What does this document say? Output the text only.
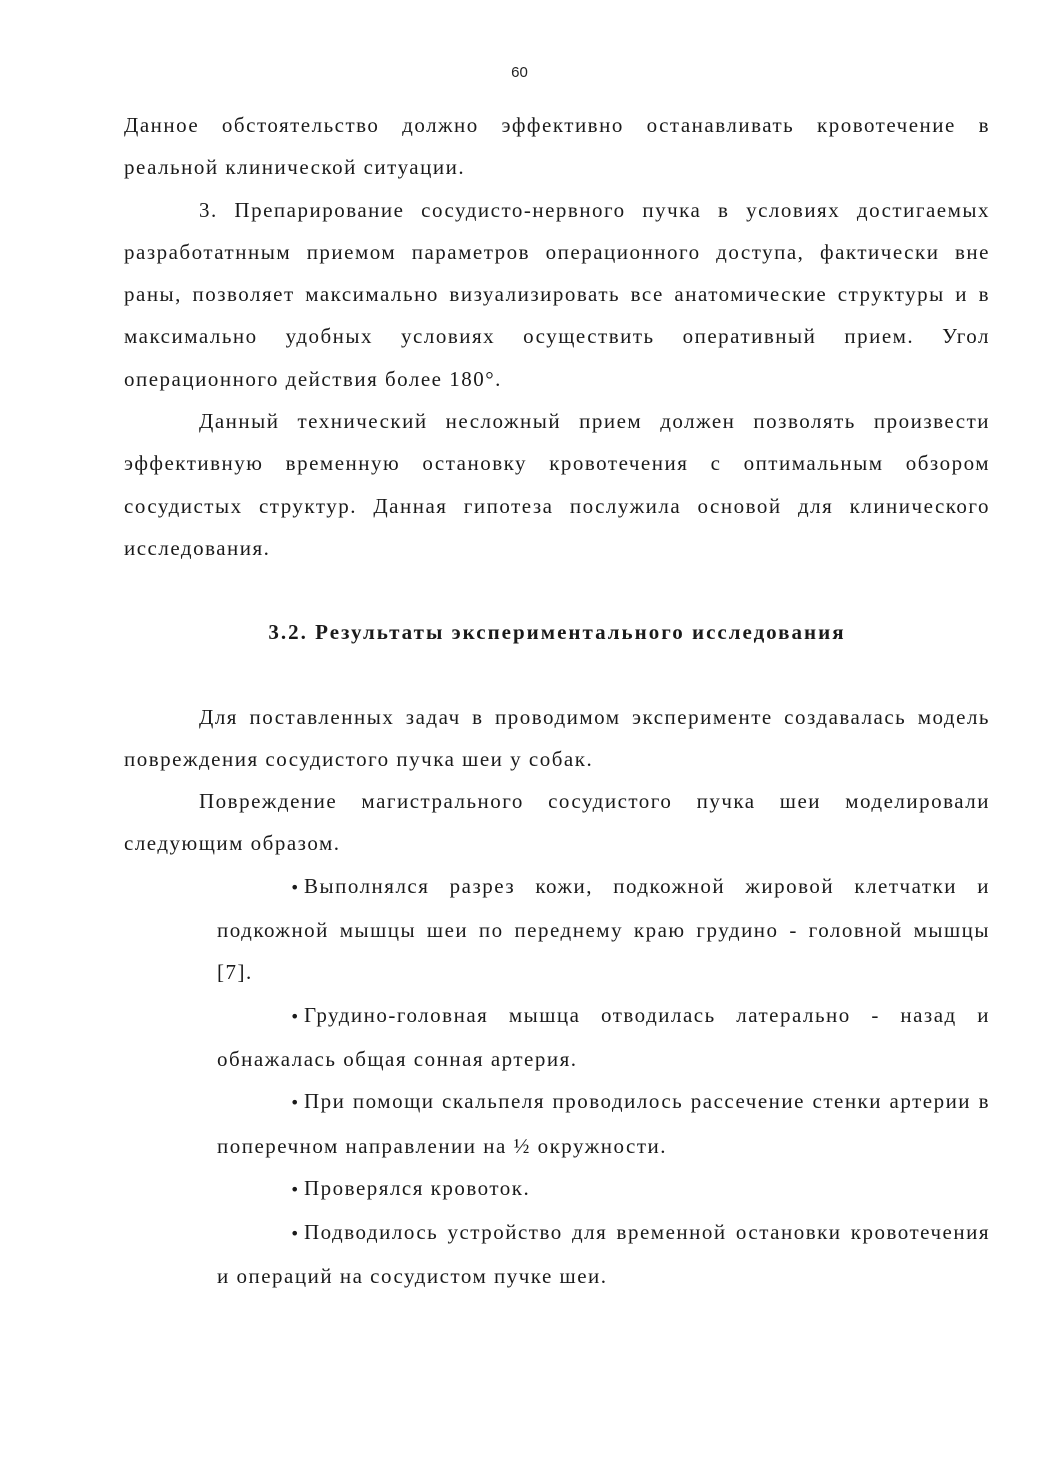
60

Данное обстоятельство должно эффективно останавливать кровотечение в реальной клинической ситуации.

3. Препарирование сосудисто-нервного пучка в условиях достигаемых разработатнным приемом параметров операционного доступа, фактически вне раны, позволяет максимально визуализировать все анатомические структуры и в максимально удобных условиях осуществить оперативный прием. Угол операционного действия более 180°.

Данный технический несложный прием должен позволять произвести эффективную временную остановку кровотечения с оптимальным обзором сосудистых структур. Данная гипотеза послужила основой для клинического исследования.

3.2. Результаты экспериментального исследования

Для поставленных задач в проводимом эксперименте создавалась модель повреждения сосудистого пучка шеи у собак.

Повреждение магистрального сосудистого пучка шеи моделировали следующим образом.

• Выполнялся разрез кожи, подкожной жировой клетчатки и подкожной мышцы шеи по переднему краю грудино - головной мышцы [7].
• Грудино-головная мышца отводилась латерально - назад и обнажалась общая сонная артерия.
• При помощи скальпеля проводилось рассечение стенки артерии в поперечном направлении на ½ окружности.
• Проверялся кровоток.
• Подводилось устройство для временной остановки кровотечения и операций на сосудистом пучке шеи.
